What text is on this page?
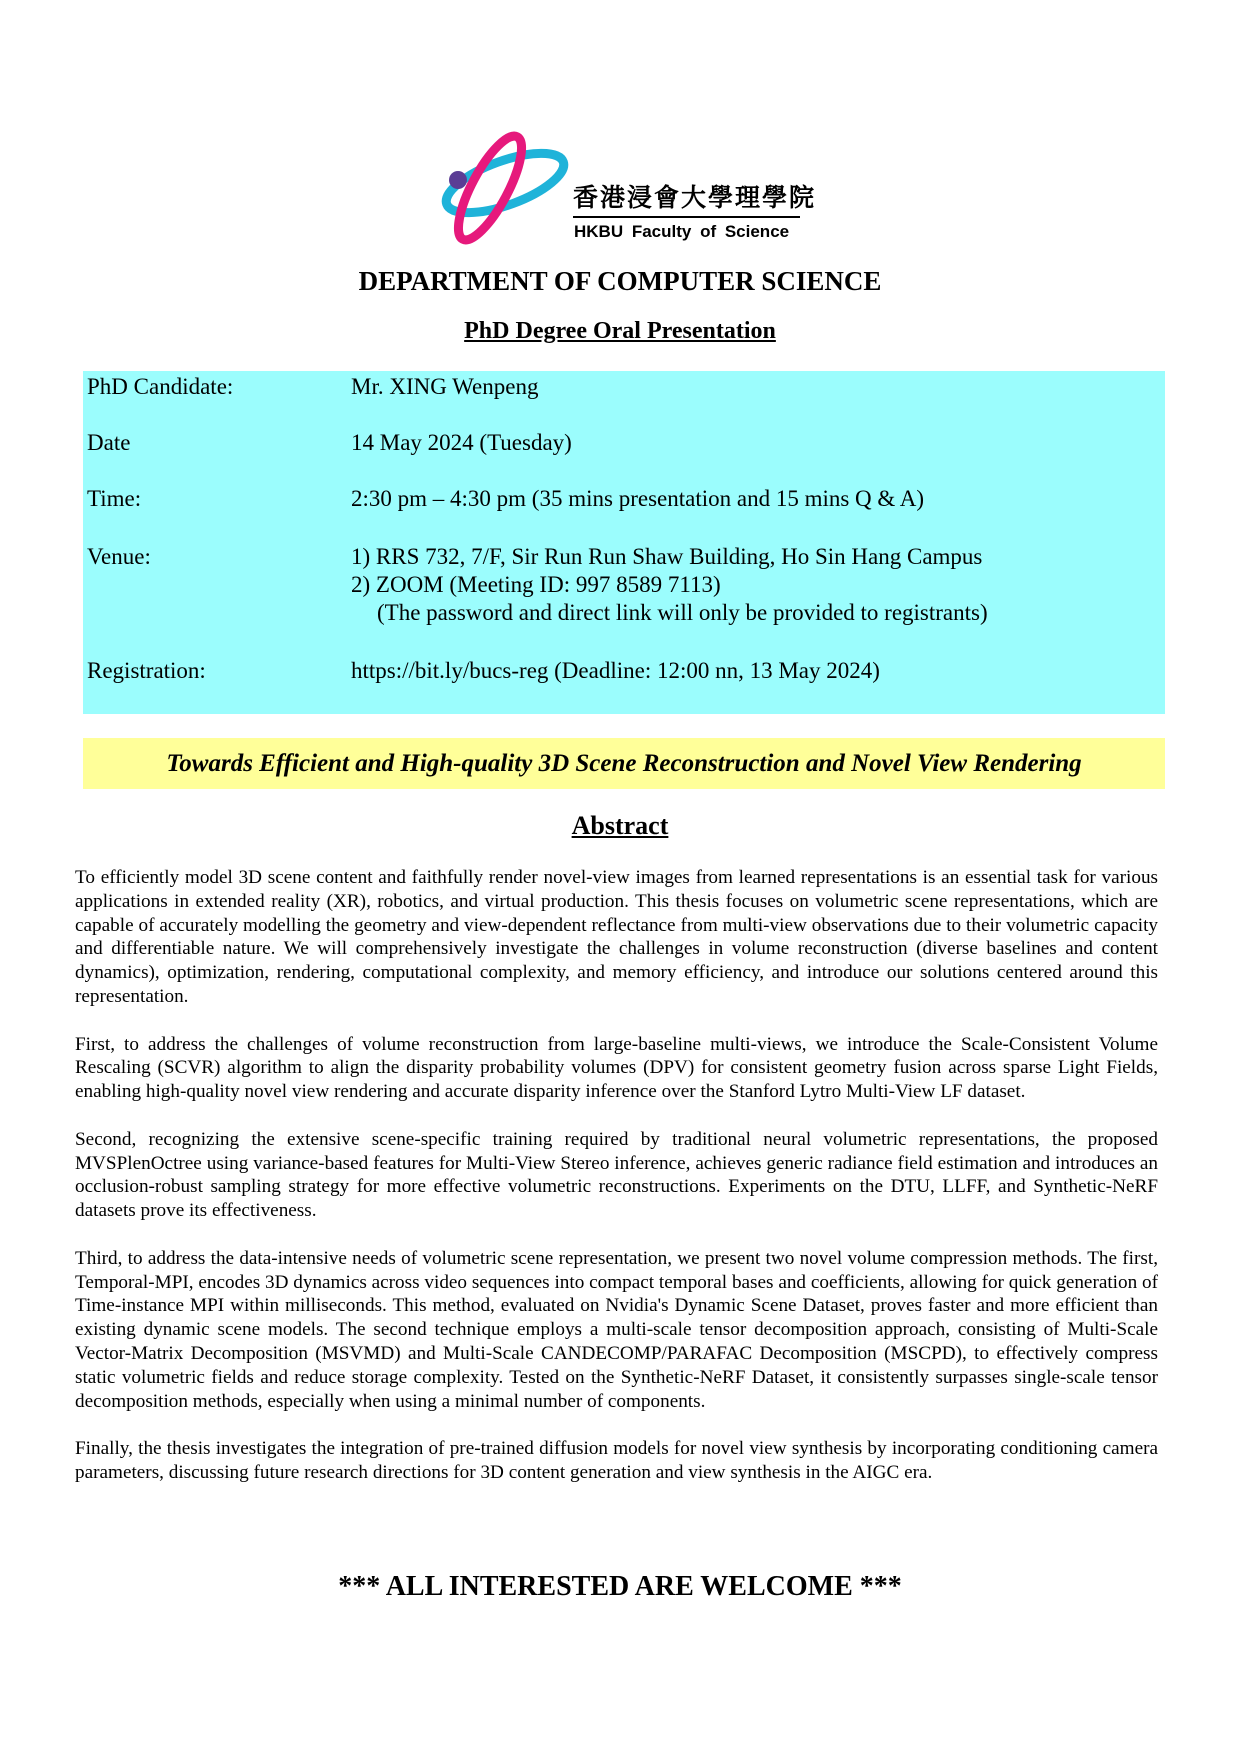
香港浸會大學理學院
HKBU Faculty of Science
DEPARTMENT OF COMPUTER SCIENCE
PhD Degree Oral Presentation
PhD Candidate:	Mr. XING Wenpeng
Date	14 May 2024 (Tuesday)
Time:	2:30 pm – 4:30 pm (35 mins presentation and 15 mins Q & A)
Venue:	1) RRS 732, 7/F, Sir Run Run Shaw Building, Ho Sin Hang Campus
2) ZOOM (Meeting ID: 997 8589 7113)
(The password and direct link will only be provided to registrants)
Registration:	https://bit.ly/bucs-reg (Deadline: 12:00 nn, 13 May 2024)
Towards Efficient and High-quality 3D Scene Reconstruction and Novel View Rendering
Abstract

To efficiently model 3D scene content and faithfully render novel-view images from learned representations is an essential task for various applications in extended reality (XR), robotics, and virtual production. This thesis focuses on volumetric scene representations, which are capable of accurately modelling the geometry and view-dependent reflectance from multi-view observations due to their volumetric capacity and differentiable nature. We will comprehensively investigate the challenges in volume reconstruction (diverse baselines and content dynamics), optimization, rendering, computational complexity, and memory efficiency, and introduce our solutions centered around this representation.

First, to address the challenges of volume reconstruction from large-baseline multi-views, we introduce the Scale-Consistent Volume Rescaling (SCVR) algorithm to align the disparity probability volumes (DPV) for consistent geometry fusion across sparse Light Fields, enabling high-quality novel view rendering and accurate disparity inference over the Stanford Lytro Multi-View LF dataset.

Second, recognizing the extensive scene-specific training required by traditional neural volumetric representations, the proposed MVSPlenOctree using variance-based features for Multi-View Stereo inference, achieves generic radiance field estimation and introduces an occlusion-robust sampling strategy for more effective volumetric reconstructions. Experiments on the DTU, LLFF, and Synthetic-NeRF datasets prove its effectiveness.

Third, to address the data-intensive needs of volumetric scene representation, we present two novel volume compression methods. The first, Temporal-MPI, encodes 3D dynamics across video sequences into compact temporal bases and coefficients, allowing for quick generation of Time-instance MPI within milliseconds. This method, evaluated on Nvidia's Dynamic Scene Dataset, proves faster and more efficient than existing dynamic scene models. The second technique employs a multi-scale tensor decomposition approach, consisting of Multi-Scale Vector-Matrix Decomposition (MSVMD) and Multi-Scale CANDECOMP/PARAFAC Decomposition (MSCPD), to effectively compress static volumetric fields and reduce storage complexity. Tested on the Synthetic-NeRF Dataset, it consistently surpasses single-scale tensor decomposition methods, especially when using a minimal number of components.

Finally, the thesis investigates the integration of pre-trained diffusion models for novel view synthesis by incorporating conditioning camera parameters, discussing future research directions for 3D content generation and view synthesis in the AIGC era.

*** ALL INTERESTED ARE WELCOME ***
